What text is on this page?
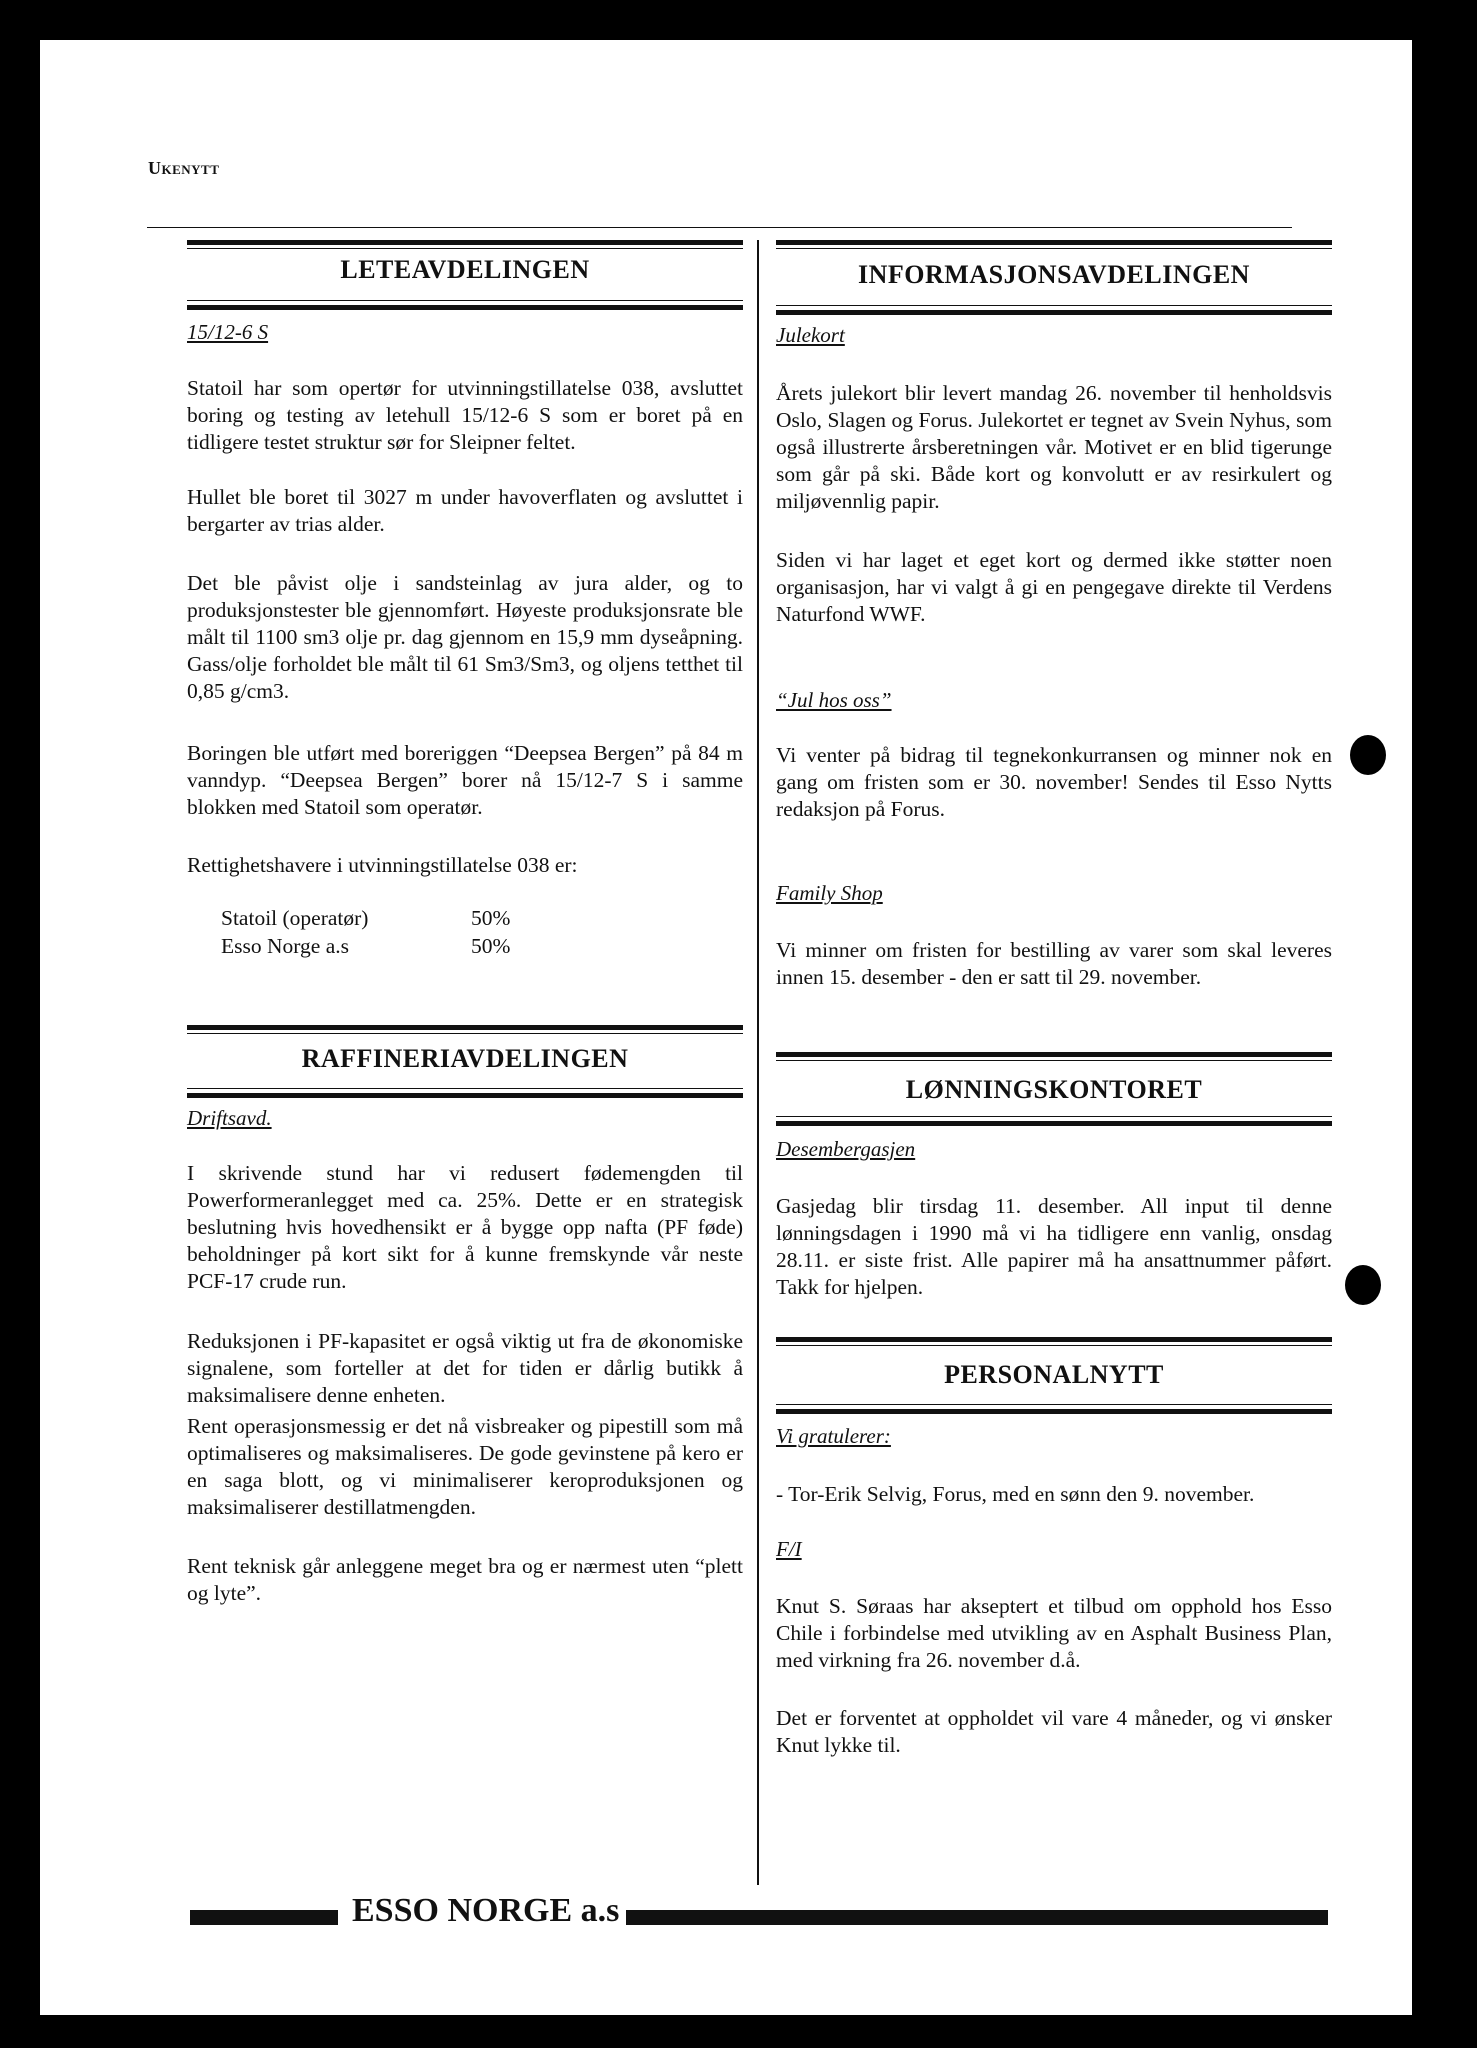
Ukenytt
LETEAVDELINGEN
15/12-6 S
Statoil har som opertør for utvinningstillatelse 038, avsluttet boring og testing av letehull 15/12-6 S som er boret på en tidligere testet struktur sør for Sleipner feltet.
Hullet ble boret til 3027 m under havoverflaten og avsluttet i bergarter av trias alder.
Det ble påvist olje i sandsteinlag av jura alder, og to produksjonstester ble gjennomført. Høyeste produksjonsrate ble målt til 1100 sm3 olje pr. dag gjennom en 15,9 mm dyseåpning. Gass/olje forholdet ble målt til 61 Sm3/Sm3, og oljens tetthet til 0,85 g/cm3.
Boringen ble utført med boreriggen “Deepsea Bergen” på 84 m vanndyp. “Deepsea Bergen” borer nå 15/12-7 S i samme blokken med Statoil som operatør.
Rettighetshavere i utvinningstillatelse 038 er:
Statoil (operatør)	50%
Esso Norge a.s	50%
RAFFINERIAVDELINGEN
Driftsavd.
I skrivende stund har vi redusert fødemengden til Powerformeranlegget med ca. 25%. Dette er en strategisk beslutning hvis hovedhensikt er å bygge opp nafta (PF føde) beholdninger på kort sikt for å kunne fremskynde vår neste PCF-17 crude run.
Reduksjonen i PF-kapasitet er også viktig ut fra de økonomiske signalene, som forteller at det for tiden er dårlig butikk å maksimalisere denne enheten.
Rent operasjonsmessig er det nå visbreaker og pipestill som må optimaliseres og maksimaliseres. De gode gevinstene på kero er en saga blott, og vi minimaliserer keroproduksjonen og maksimaliserer destillatmengden.
Rent teknisk går anleggene meget bra og er nærmest uten “plett og lyte”.
INFORMASJONSAVDELINGEN
Julekort
Årets julekort blir levert mandag 26. november til henholdsvis Oslo, Slagen og Forus. Julekortet er tegnet av Svein Nyhus, som også illustrerte årsberetningen vår. Motivet er en blid tigerunge som går på ski. Både kort og konvolutt er av resirkulert og miljøvennlig papir.
Siden vi har laget et eget kort og dermed ikke støtter noen organisasjon, har vi valgt å gi en pengegave direkte til Verdens Naturfond WWF.
“Jul hos oss”
Vi venter på bidrag til tegnekonkurransen og minner nok en gang om fristen som er 30. november! Sendes til Esso Nytts redaksjon på Forus.
Family Shop
Vi minner om fristen for bestilling av varer som skal leveres innen 15. desember - den er satt til 29. november.
LØNNINGSKONTORET
Desembergasjen
Gasjedag blir tirsdag 11. desember. All input til denne lønningsdagen i 1990 må vi ha tidligere enn vanlig, onsdag 28.11. er siste frist. Alle papirer må ha ansattnummer påført. Takk for hjelpen.
PERSONALNYTT
Vi gratulerer:
- Tor-Erik Selvig, Forus, med en sønn den 9. november.
F/I
Knut S. Søraas har akseptert et tilbud om opphold hos Esso Chile i forbindelse med utvikling av en Asphalt Business Plan, med virkning fra 26. november d.å.
Det er forventet at oppholdet vil vare 4 måneder, og vi ønsker Knut lykke til.
ESSO NORGE a.s
